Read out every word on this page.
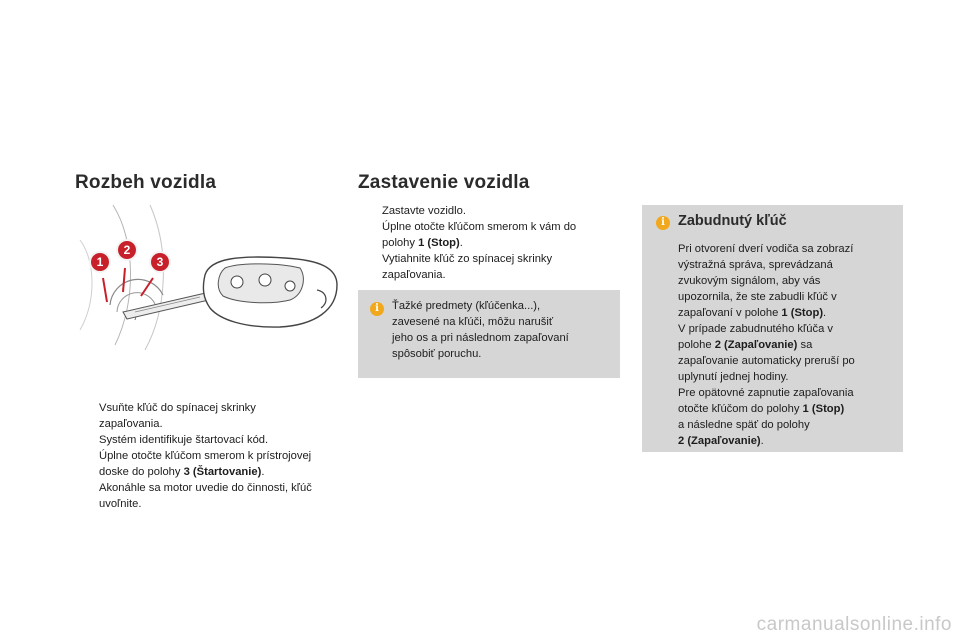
Rozbeh vozidla
1
2
3
Vsuňte kľúč do spínacej skrinky
zapaľovania.
Systém identifikuje štartovací kód.
Úplne otočte kľúčom smerom k prístrojovej
doske do polohy 3 (Štartovanie).
Akonáhle sa motor uvedie do činnosti, kľúč
uvoľnite.
Zastavenie vozidla
Zastavte vozidlo.
Úplne otočte kľúčom smerom k vám do
polohy 1 (Stop).
Vytiahnite kľúč zo spínacej skrinky
zapaľovania.
i	Ťažké predmety (kľúčenka...),

zavesené na kľúči, môžu narušiť

jeho os a pri následnom zapaľovaní

spôsobiť poruchu.

i Zabudnutý kľúč

Pri otvorení dverí vodiča sa zobrazí

výstražná správa, sprevádzaná

zvukovým signálom, aby vás

upozornila, že ste zabudli kľúč v

zapaľovaní v polohe 1 (Stop).

V prípade zabudnutého kľúča v

polohe 2 (Zapaľovanie) sa

zapaľovanie automaticky preruší po

uplynutí jednej hodiny.

Pre opätovné zapnutie zapaľovania

otočte kľúčom do polohy 1 (Stop)

a následne späť do polohy

2 (Zapaľovanie).

carmanualsonline.info
